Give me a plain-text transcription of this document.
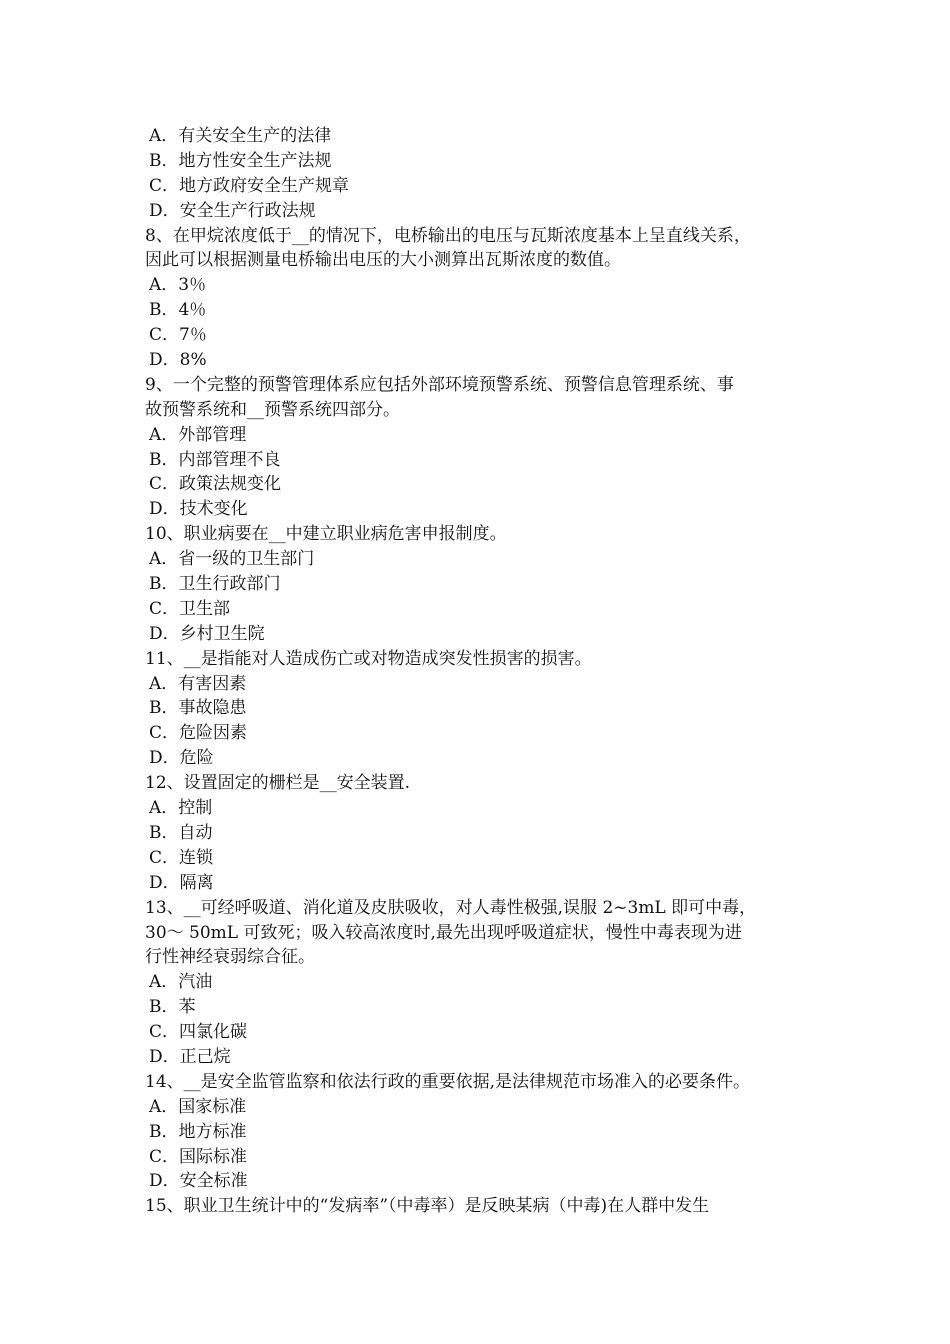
A．有关安全生产的法律
B．地方性安全生产法规
C．地方政府安全生产规章
D．安全生产行政法规
8、在甲烷浓度低于__的情况下，电桥输出的电压与瓦斯浓度基本上呈直线关系，
因此可以根据测量电桥输出电压的大小测算出瓦斯浓度的数值。
A．3％
B．4％
C．7％
D．8%
9、一个完整的预警管理体系应包括外部环境预警系统、预警信息管理系统、事
故预警系统和__预警系统四部分。
A．外部管理
B．内部管理不良
C．政策法规变化
D．技术变化
10、职业病要在__中建立职业病危害申报制度。
A．省一级的卫生部门
B．卫生行政部门
C．卫生部
D．乡村卫生院
11、__是指能对人造成伤亡或对物造成突发性损害的损害。
A．有害因素
B．事故隐患
C．危险因素
D．危险
12、设置固定的栅栏是__安全装置.
A．控制
B．自动
C．连锁
D．隔离
13、__可经呼吸道、消化道及皮肤吸收，对人毒性极强,误服 2~3mL 即可中毒，
30～ 50mL 可致死；吸入较高浓度时,最先出现呼吸道症状，慢性中毒表现为进
行性神经衰弱综合征。
A．汽油
B．苯
C．四氯化碳
D．正己烷
14、__是安全监管监察和依法行政的重要依据,是法律规范市场准入的必要条件。
A．国家标准
B．地方标准
C．国际标准
D．安全标准
15、职业卫生统计中的“发病率”（中毒率）是反映某病（中毒)在人群中发生
